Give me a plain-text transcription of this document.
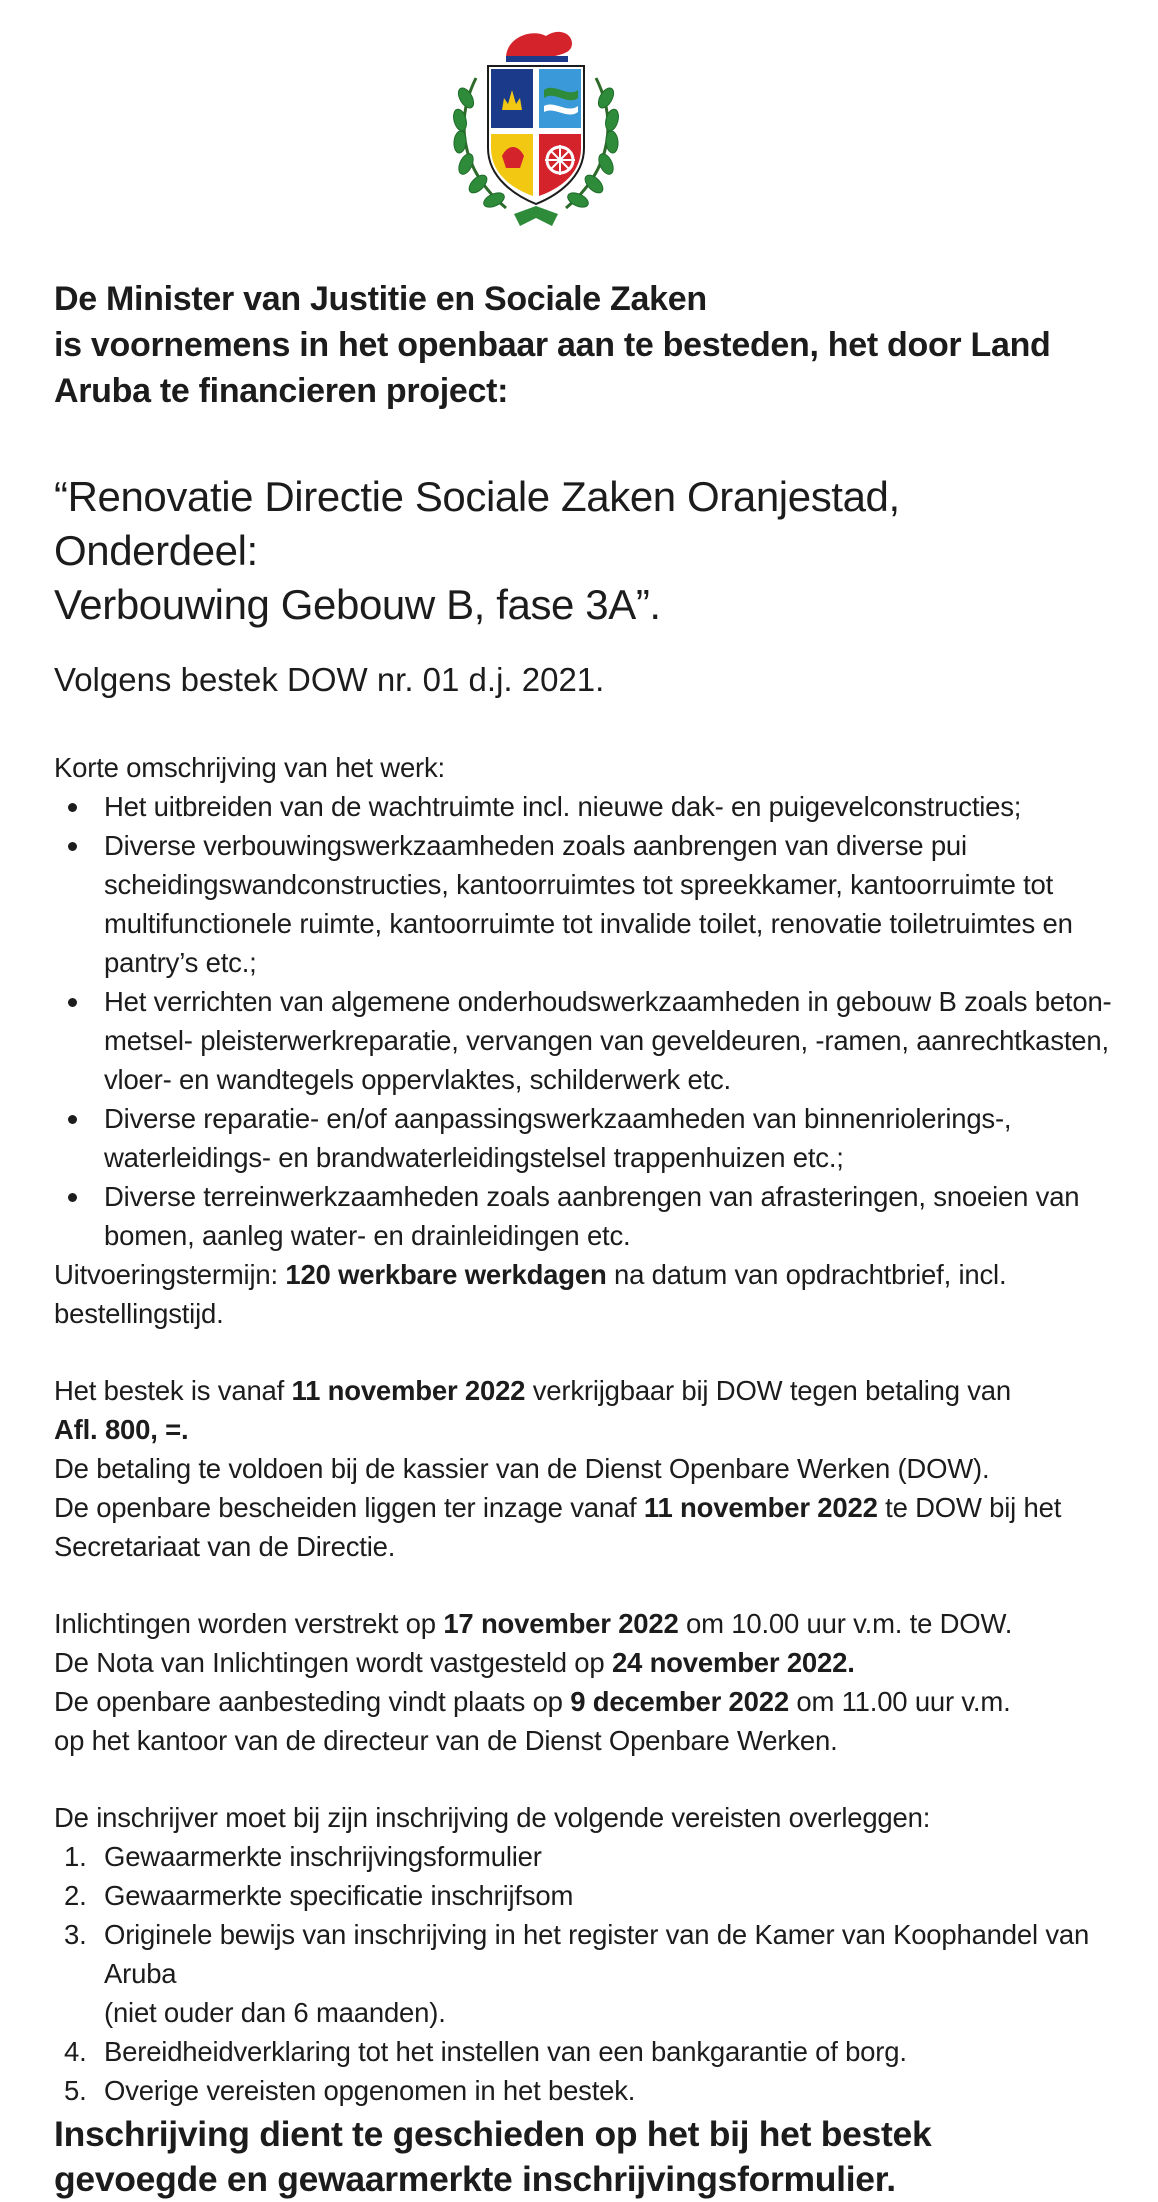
De Minister van Justitie en Sociale Zaken
is voornemens in het openbaar aan te besteden, het door Land
Aruba te financieren project:

“Renovatie Directie Sociale Zaken Oranjestad, Onderdeel:
Verbouwing Gebouw B, fase 3A”.

Volgens bestek DOW nr. 01 d.j. 2021.

Korte omschrijving van het werk:

Het uitbreiden van de wachtruimte incl. nieuwe dak- en puigevelconstructies;
Diverse verbouwingswerkzaamheden zoals aanbrengen van diverse pui
scheidingswandconstructies, kantoorruimtes tot spreekkamer, kantoorruimte tot
multifunctionele ruimte, kantoorruimte tot invalide toilet, renovatie toiletruimtes en
pantry’s etc.;
Het verrichten van algemene onderhoudswerkzaamheden in gebouw B zoals beton-
metsel- pleisterwerkreparatie, vervangen van geveldeuren, -ramen, aanrechtkasten,
vloer- en wandtegels oppervlaktes, schilderwerk etc.
Diverse reparatie- en/of aanpassingswerkzaamheden van binnenriolerings-,
waterleidings- en brandwaterleidingstelsel trappenhuizen etc.;
Diverse terreinwerkzaamheden zoals aanbrengen van afrasteringen, snoeien van
bomen, aanleg water- en drainleidingen etc.

Uitvoeringstermijn: 120 werkbare werkdagen na datum van opdrachtbrief, incl.
bestellingstijd.

Het bestek is vanaf 11 november 2022 verkrijgbaar bij DOW tegen betaling van
Afl. 800, =.
De betaling te voldoen bij de kassier van de Dienst Openbare Werken (DOW).
De openbare bescheiden liggen ter inzage vanaf 11 november 2022 te DOW bij het
Secretariaat van de Directie.

Inlichtingen worden verstrekt op 17 november 2022 om 10.00 uur v.m. te DOW.
De Nota van Inlichtingen wordt vastgesteld op 24 november 2022.
De openbare aanbesteding vindt plaats op 9 december 2022 om 11.00 uur v.m.
op het kantoor van de directeur van de Dienst Openbare Werken.

De inschrijver moet bij zijn inschrijving de volgende vereisten overleggen:

1. Gewaarmerkte inschrijvingsformulier
2. Gewaarmerkte specificatie inschrijfsom
3. Originele bewijs van inschrijving in het register van de Kamer van Koophandel van
Aruba
(niet ouder dan 6 maanden).
4. Bereidheidverklaring tot het instellen van een bankgarantie of borg.
5. Overige vereisten opgenomen in het bestek.

Inschrijving dient te geschieden op het bij het bestek
gevoegde en gewaarmerkte inschrijvingsformulier.
